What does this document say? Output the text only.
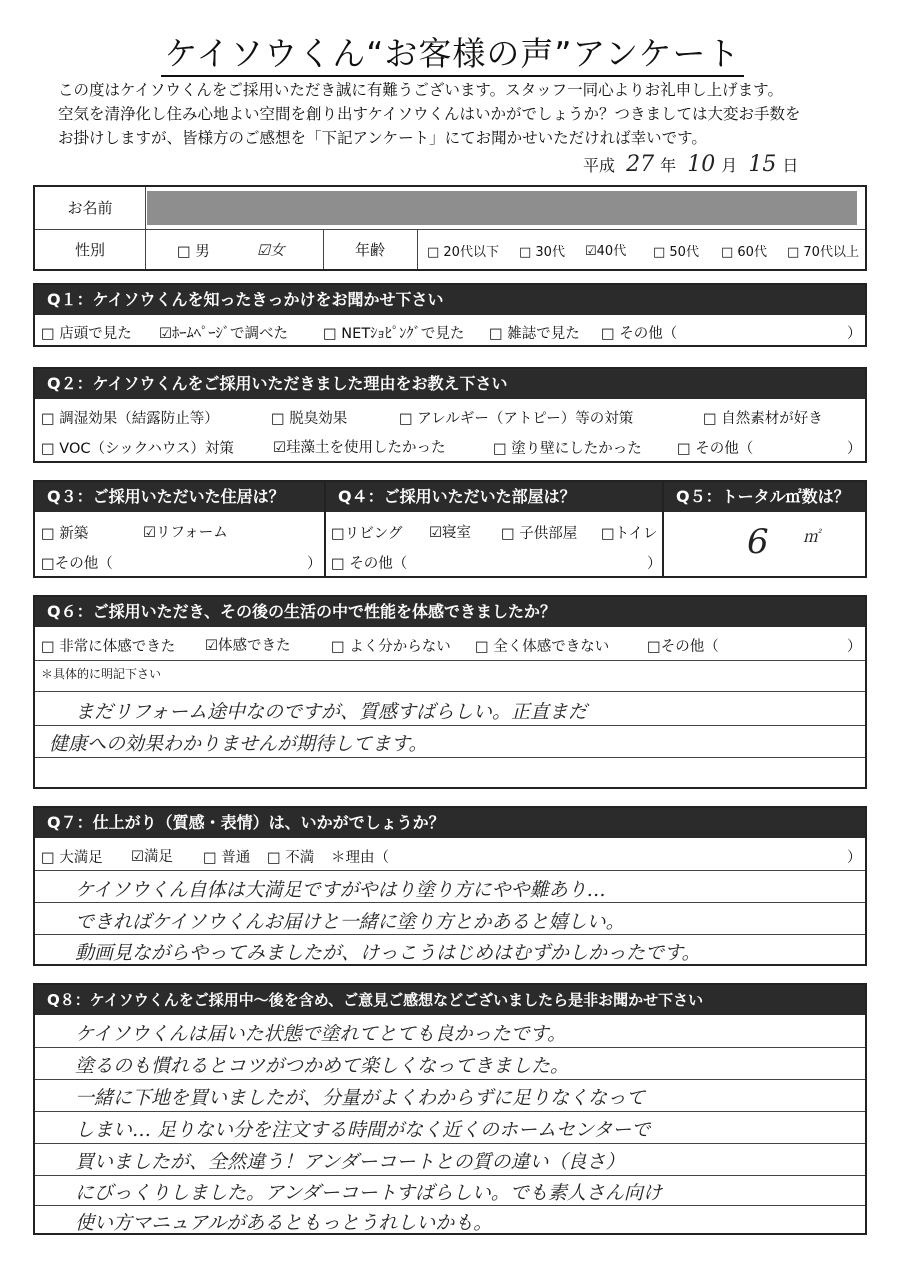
ケイソウくん“お客様の声”アンケート
この度はケイソウくんをご採用いただき誠に有難うございます。スタッフ一同心よりお礼申し上げます。
空気を清浄化し住み心地よい空間を創り出すケイソウくんはいかがでしょうか？つきましては大変お手数を
お掛けしますが、皆様方のご感想を「下記アンケート」にてお聞かせいただければ幸いです。
平成 27 年 10 月 15 日
お名前
性別	□ 男	☑女	年齢	□ 20代以下 □ 30代 ☑40代 □ 50代 □ 60代 □ 70代以上
Q１：ケイソウくんを知ったきっかけをお聞かせ下さい
□ 店頭で見た ☑ﾎｰﾑﾍﾟｰｼﾞで調べた □ NETｼｮﾋﾟﾝｸﾞで見た □ 雑誌で見た □ その他（	）
Q２：ケイソウくんをご採用いただきました理由をお教え下さい
□ 調湿効果（結露防止等）	□ 脱臭効果	□ アレルギー（アトピー）等の対策	□ 自然素材が好き
□ VOC（シックハウス）対策	☑珪藻土を使用したかった	□ 塗り壁にしたかった □ その他（	）
Q３：ご採用いただいた住居は？	Q４：ご採用いただいた部屋は？	Q５：トータル㎡数は？
□ 新築	☑リフォーム
□その他（	）
□リビング ☑寝室 □ 子供部屋 □トイレ
□ その他（	）
6 ㎡
Q６：ご採用いただき、その後の生活の中で性能を体感できましたか？
□ 非常に体感できた ☑体感できた	□ よく分からない □ 全く体感できない	□その他（	）
＊具体的に明記下さい
まだリフォーム途中なのですが、質感すばらしい。正直まだ
健康への効果わかりませんが期待してます。
Q７：仕上がり（質感・表情）は、いかがでしょうか？
□ 大満足 ☑満足 □ 普通 □ 不満 ＊理由（	）
ケイソウくん自体は大満足ですがやはり塗り方にやや難あり…
できればケイソウくんお届けと一緒に塗り方とかあると嬉しい。
動画見ながらやってみましたが、けっこうはじめはむずかしかったです。
Q８：ケイソウくんをご採用中～後を含め、ご意見ご感想などございましたら是非お聞かせ下さい
ケイソウくんは届いた状態で塗れてとても良かったです。
塗るのも慣れるとコツがつかめて楽しくなってきました。
一緒に下地を買いましたが、分量がよくわからずに足りなくなって
しまい… 足りない分を注文する時間がなく近くのホームセンターで
買いましたが、全然違う！アンダーコートとの質の違い（良さ）
にびっくりしました。アンダーコートすばらしい。でも素人さん向け
使い方マニュアルがあるともっとうれしいかも。
